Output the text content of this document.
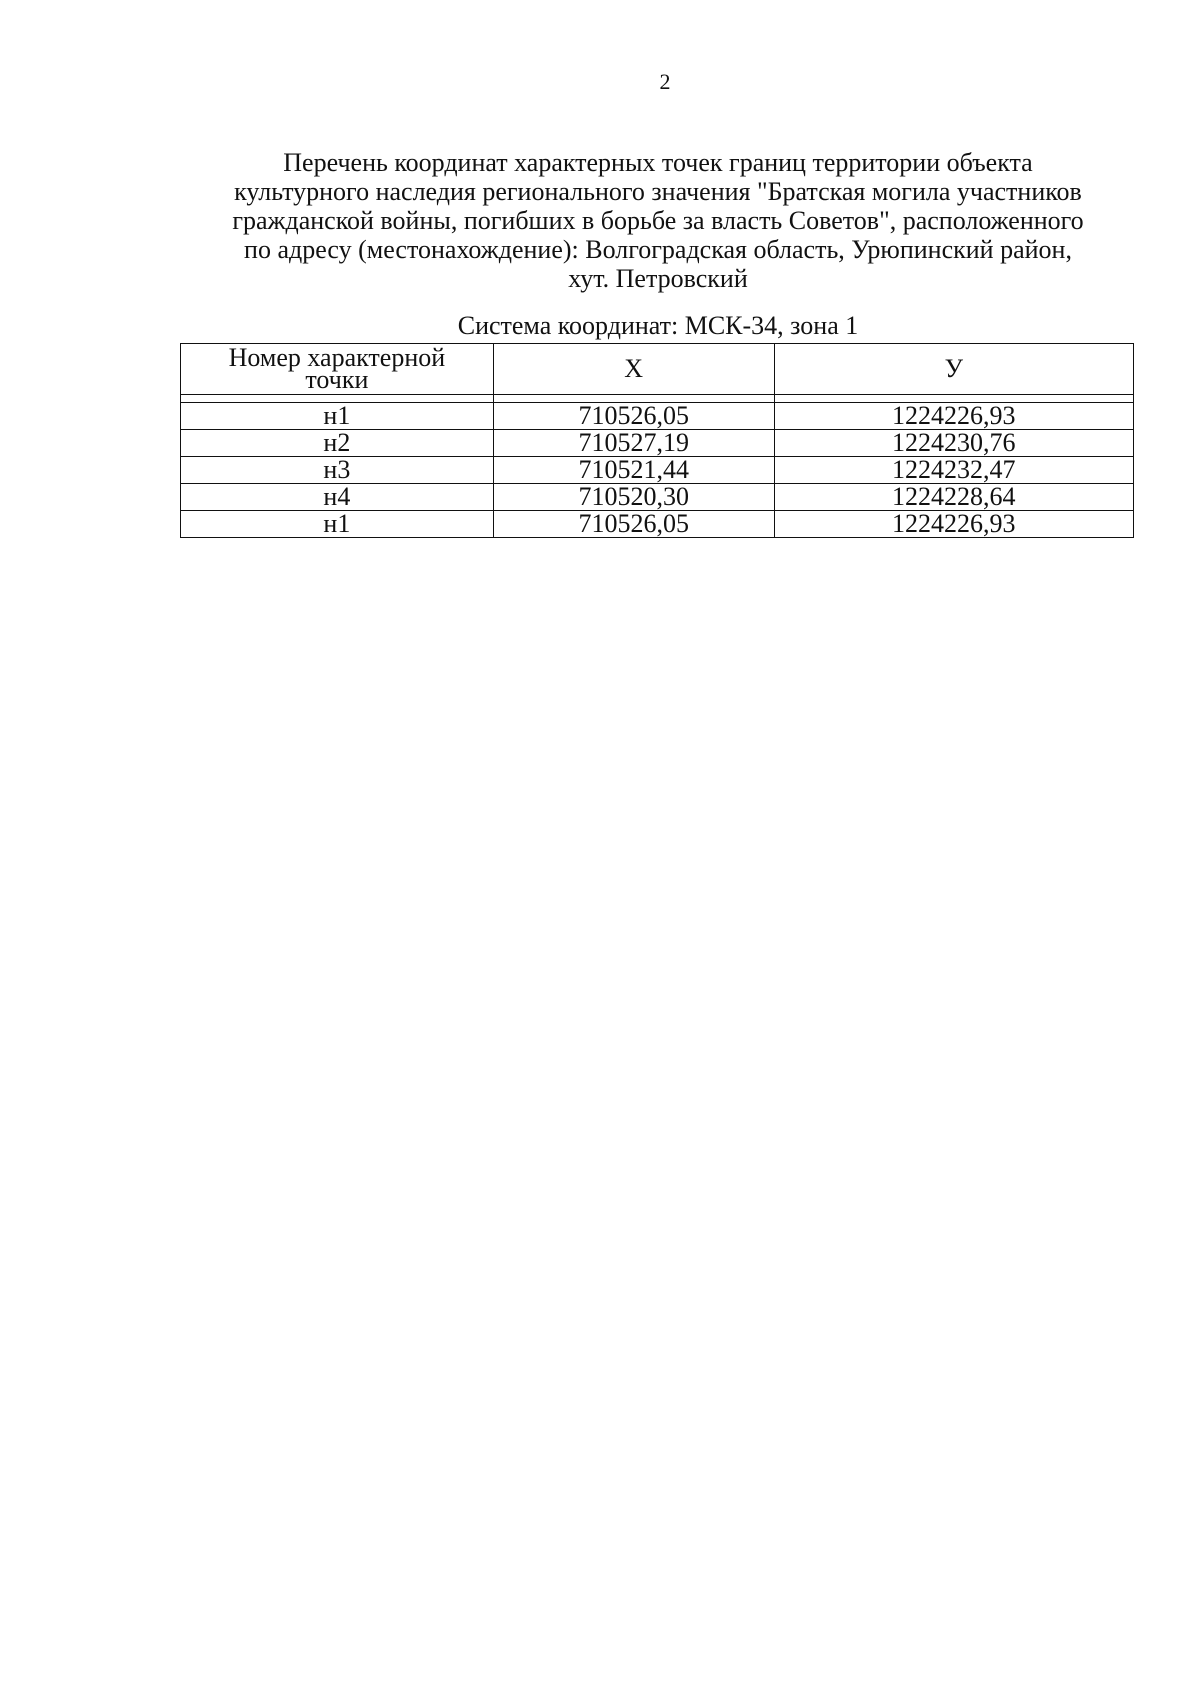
2
Перечень координат характерных точек границ территории объекта
культурного наследия регионального значения "Братская могила участников
гражданской войны, погибших в борьбе за власть Советов", расположенного
по адресу (местонахождение): Волгоградская область, Урюпинский район,
хут. Петровский
Система координат: МСК-34, зона 1
Номер характерной
точки	Х	У

н1	710526,05	1224226,93
н2	710527,19	1224230,76
н3	710521,44	1224232,47
н4	710520,30	1224228,64
н1	710526,05	1224226,93
